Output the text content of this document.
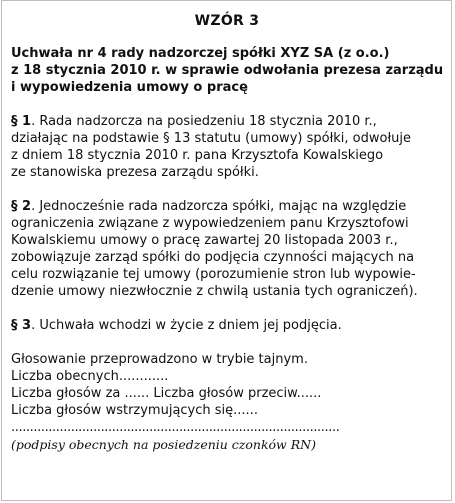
WZÓR 3
Uchwała nr 4 rady nadzorczej spółki XYZ SA (z o.o.)
z 18 stycznia 2010 r. w sprawie odwołania prezesa zarządu
i wypowiedzenia umowy o pracę
§ 1. Rada nadzorcza na posiedzeniu 18 stycznia 2010 r.,
działając na podstawie § 13 statutu (umowy) spółki, odwołuje
z dniem 18 stycznia 2010 r. pana Krzysztofa Kowalskiego
ze stanowiska prezesa zarządu spółki.
§ 2. Jednocześnie rada nadzorcza spółki, mając na względzie
ograniczenia związane z wypowiedzeniem panu Krzysztofowi
Kowalskiemu umowy o pracę zawartej 20 listopada 2003 r.,
zobowiązuje zarząd spółki do podjęcia czynności mających na
celu rozwiązanie tej umowy (porozumienie stron lub wypowie-
dzenie umowy niezwłocznie z chwilą ustania tych ograniczeń).
§ 3. Uchwała wchodzi w życie z dniem jej podjęcia.
Głosowanie przeprowadzono w trybie tajnym.
Liczba obecnych............
Liczba głosów za ...... Liczba głosów przeciw......
Liczba głosów wstrzymujących się......
........................................................................................
(podpisy obecnych na posiedzeniu czonków RN)
